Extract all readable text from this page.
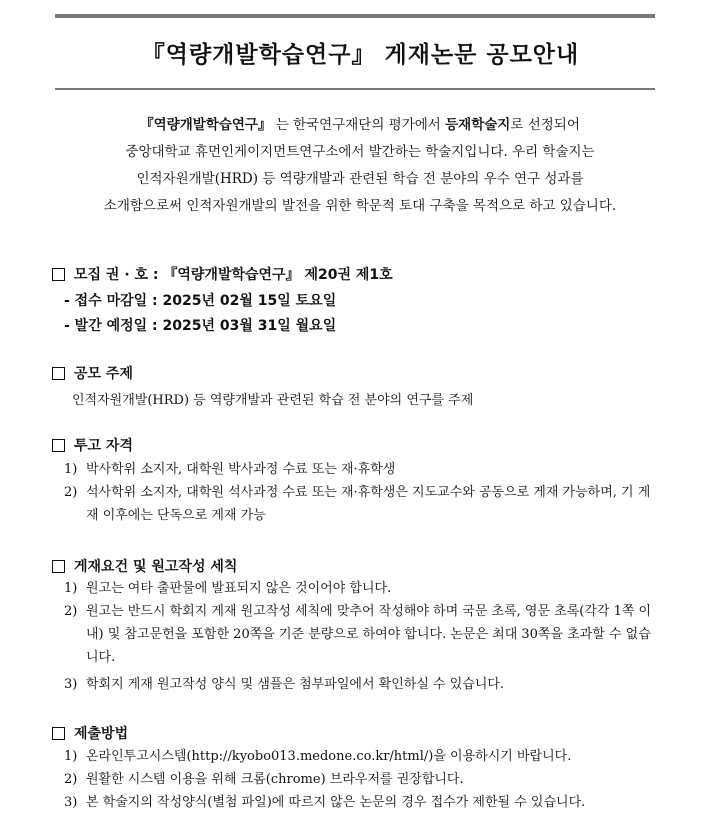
『역량개발학습연구』 게재논문 공모안내
『역량개발학습연구』 는 한국연구재단의 평가에서 등재학술지로 선정되어
중앙대학교 휴먼인게이지먼트연구소에서 발간하는 학술지입니다. 우리 학술지는
인적자원개발(HRD) 등 역량개발과 관련된 학습 전 분야의 우수 연구 성과를
소개함으로써 인적자원개발의 발전을 위한 학문적 토대 구축을 목적으로 하고 있습니다.
모집 권 · 호 : 『역량개발학습연구』 제20권 제1호
- 접수 마감일 : 2025년 02월 15일 토요일
- 발간 예정일 : 2025년 03월 31일 월요일
공모 주제
인적자원개발(HRD) 등 역량개발과 관련된 학습 전 분야의 연구를 주제
투고 자격
1) 박사학위 소지자, 대학원 박사과정 수료 또는 재·휴학생
2) 석사학위 소지자, 대학원 석사과정 수료 또는 재·휴학생은 지도교수와 공동으로 게재 가능하며, 기 게재 이후에는 단독으로 게재 가능
게재요건 및 원고작성 세칙
1) 원고는 여타 출판물에 발표되지 않은 것이어야 합니다.
2) 원고는 반드시 학회지 게재 원고작성 세칙에 맞추어 작성해야 하며 국문 초록, 영문 초록(각각 1쪽 이내) 및 참고문헌을 포함한 20쪽을 기준 분량으로 하여야 합니다. 논문은 최대 30쪽을 초과할 수 없습니다.
3) 학회지 게재 원고작성 양식 및 샘플은 첨부파일에서 확인하실 수 있습니다.
제출방법
1) 온라인투고시스템(http://kyobo013.medone.co.kr/html/)을 이용하시기 바랍니다.
2) 원활한 시스템 이용을 위해 크롬(chrome) 브라우저를 권장합니다.
3) 본 학술지의 작성양식(별첨 파일)에 따르지 않은 논문의 경우 접수가 제한될 수 있습니다.
